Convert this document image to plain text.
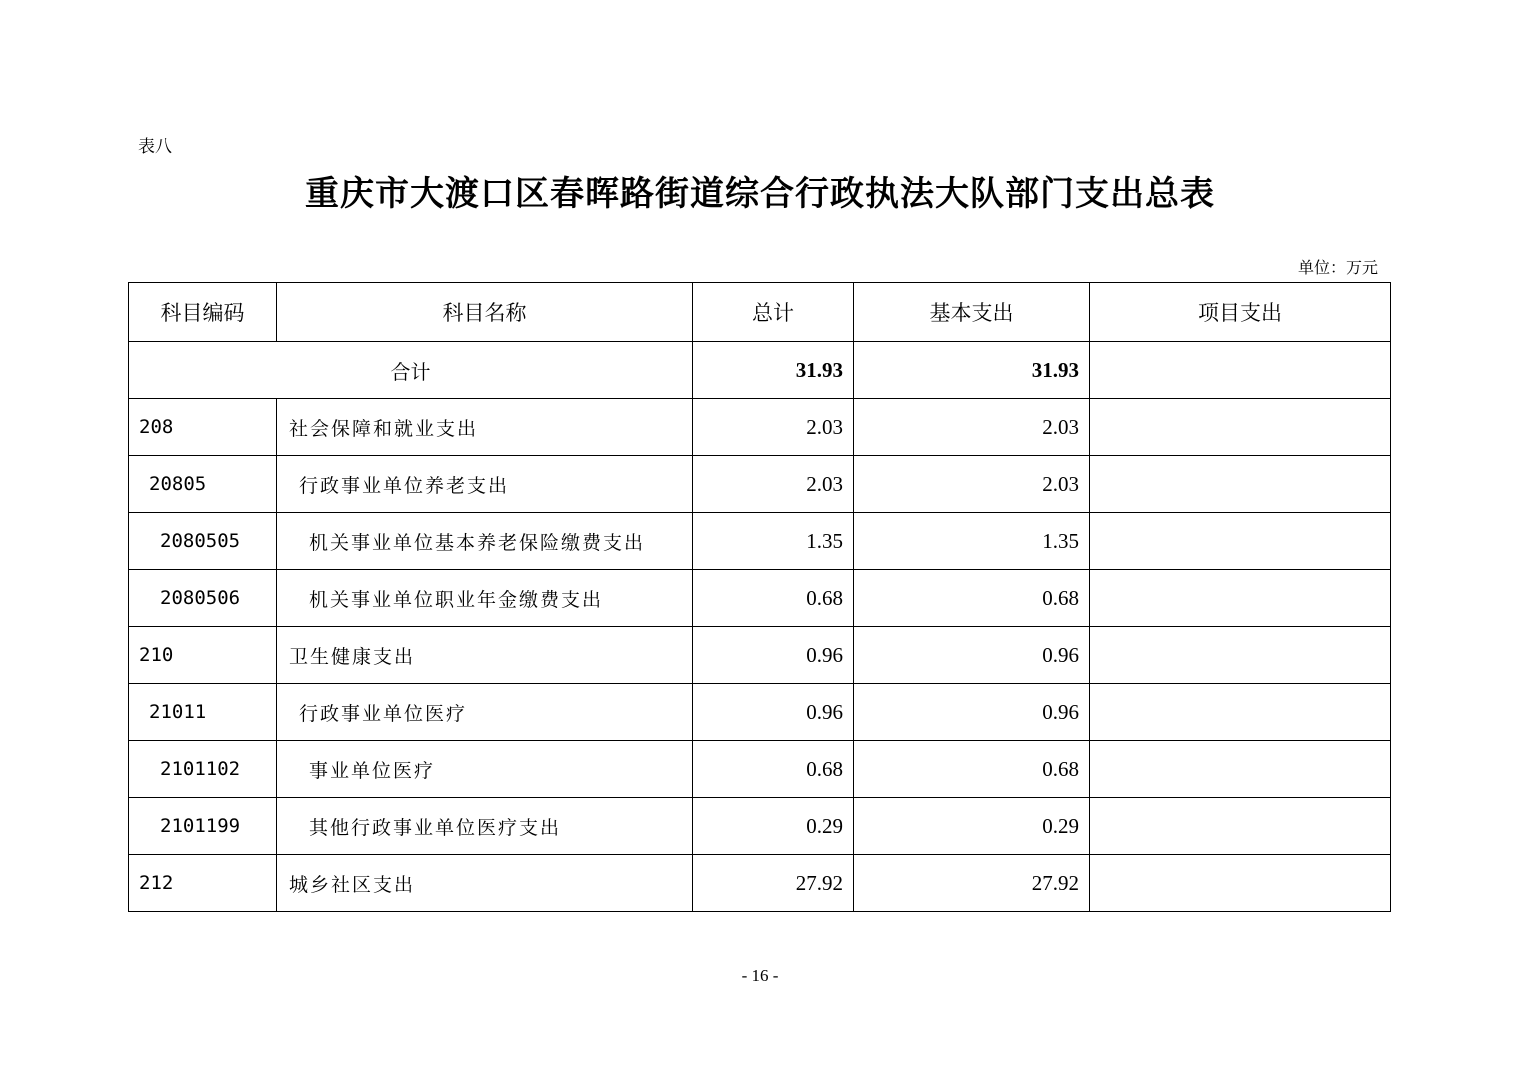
表八
重庆市大渡口区春晖路街道综合行政执法大队部门支出总表
单位：万元
科目编码	科目名称	总计	基本支出	项目支出
合计		31.93	31.93	
208	社会保障和就业支出	2.03	2.03	
20805	行政事业单位养老支出	2.03	2.03	
2080505	机关事业单位基本养老保险缴费支出	1.35	1.35	
2080506	机关事业单位职业年金缴费支出	0.68	0.68	
210	卫生健康支出	0.96	0.96	
21011	行政事业单位医疗	0.96	0.96	
2101102	事业单位医疗	0.68	0.68	
2101199	其他行政事业单位医疗支出	0.29	0.29	
212	城乡社区支出	27.92	27.92	
- 16 -
